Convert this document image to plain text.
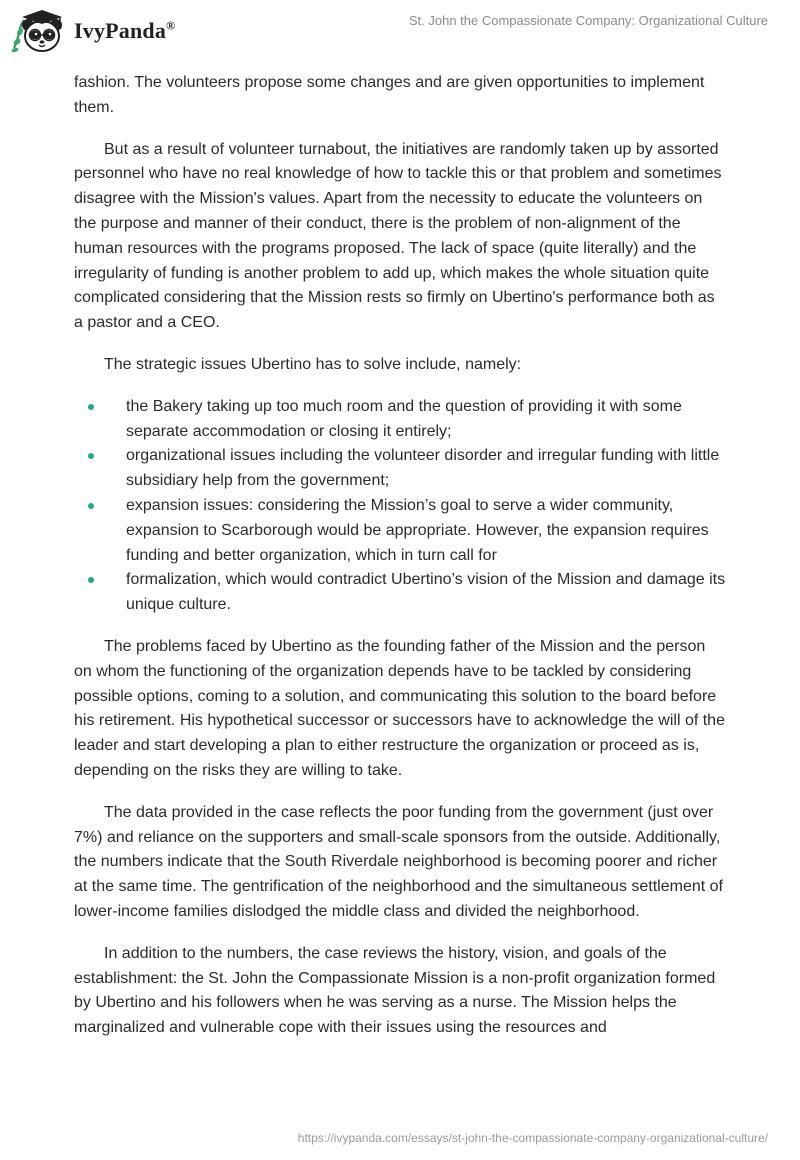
IvyPanda®	St. John the Compassionate Company: Organizational Culture

fashion. The volunteers propose some changes and are given opportunities to implement them.

But as a result of volunteer turnabout, the initiatives are randomly taken up by assorted personnel who have no real knowledge of how to tackle this or that problem and sometimes disagree with the Mission's values. Apart from the necessity to educate the volunteers on the purpose and manner of their conduct, there is the problem of non-alignment of the human resources with the programs proposed. The lack of space (quite literally) and the irregularity of funding is another problem to add up, which makes the whole situation quite complicated considering that the Mission rests so firmly on Ubertino's performance both as a pastor and a CEO.

The strategic issues Ubertino has to solve include, namely:

the Bakery taking up too much room and the question of providing it with some separate accommodation or closing it entirely;
organizational issues including the volunteer disorder and irregular funding with little subsidiary help from the government;
expansion issues: considering the Mission’s goal to serve a wider community, expansion to Scarborough would be appropriate. However, the expansion requires funding and better organization, which in turn call for
formalization, which would contradict Ubertino’s vision of the Mission and damage its unique culture.

The problems faced by Ubertino as the founding father of the Mission and the person on whom the functioning of the organization depends have to be tackled by considering possible options, coming to a solution, and communicating this solution to the board before his retirement. His hypothetical successor or successors have to acknowledge the will of the leader and start developing a plan to either restructure the organization or proceed as is, depending on the risks they are willing to take.

The data provided in the case reflects the poor funding from the government (just over 7%) and reliance on the supporters and small-scale sponsors from the outside. Additionally, the numbers indicate that the South Riverdale neighborhood is becoming poorer and richer at the same time. The gentrification of the neighborhood and the simultaneous settlement of lower-income families dislodged the middle class and divided the neighborhood.

In addition to the numbers, the case reviews the history, vision, and goals of the establishment: the St. John the Compassionate Mission is a non-profit organization formed by Ubertino and his followers when he was serving as a nurse. The Mission helps the marginalized and vulnerable cope with their issues using the resources and

https://ivypanda.com/essays/st-john-the-compassionate-company-organizational-culture/
